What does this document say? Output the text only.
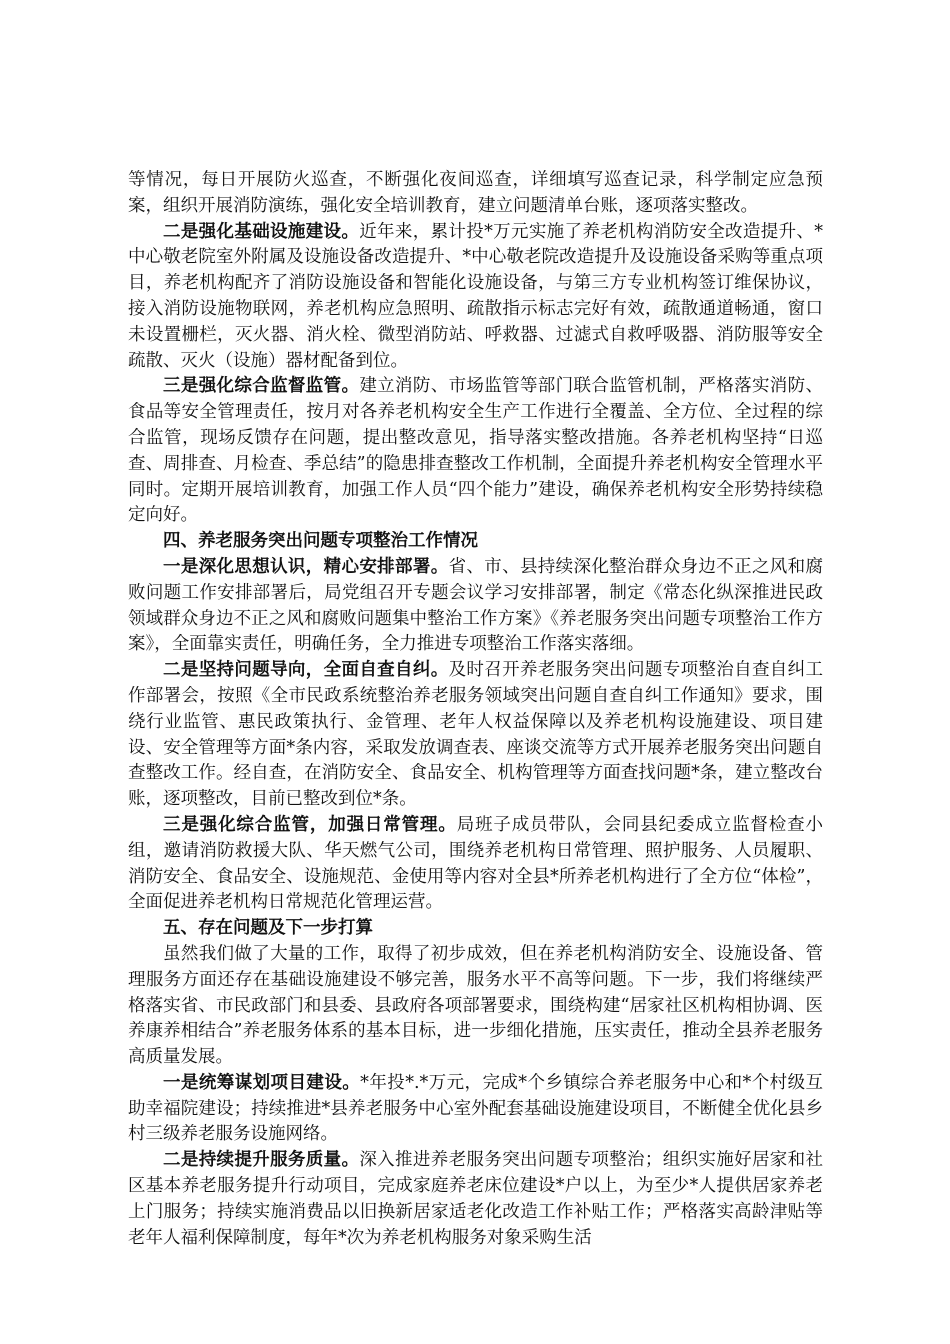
等情况，每日开展防火巡查，不断强化夜间巡查，详细填写巡查记录，科学制定应急预案，组织开展消防演练，强化安全培训教育，建立问题清单台账，逐项落实整改。

二是强化基础设施建设。近年来，累计投*万元实施了养老机构消防安全改造提升、*中心敬老院室外附属及设施设备改造提升、*中心敬老院改造提升及设施设备采购等重点项目，养老机构配齐了消防设施设备和智能化设施设备，与第三方专业机构签订维保协议，接入消防设施物联网，养老机构应急照明、疏散指示标志完好有效，疏散通道畅通，窗口未设置栅栏，灭火器、消火栓、微型消防站、呼救器、过滤式自救呼吸器、消防服等安全疏散、灭火（设施）器材配备到位。

三是强化综合监督监管。建立消防、市场监管等部门联合监管机制，严格落实消防、食品等安全管理责任，按月对各养老机构安全生产工作进行全覆盖、全方位、全过程的综合监管，现场反馈存在问题，提出整改意见，指导落实整改措施。各养老机构坚持“日巡查、周排查、月检查、季总结”的隐患排查整改工作机制，全面提升养老机构安全管理水平同时。定期开展培训教育，加强工作人员“四个能力”建设，确保养老机构安全形势持续稳定向好。

四、养老服务突出问题专项整治工作情况

一是深化思想认识，精心安排部署。省、市、县持续深化整治群众身边不正之风和腐败问题工作安排部署后，局党组召开专题会议学习安排部署，制定《常态化纵深推进民政领域群众身边不正之风和腐败问题集中整治工作方案》《养老服务突出问题专项整治工作方案》，全面靠实责任，明确任务，全力推进专项整治工作落实落细。

二是坚持问题导向，全面自查自纠。及时召开养老服务突出问题专项整治自查自纠工作部署会，按照《全市民政系统整治养老服务领域突出问题自查自纠工作通知》要求，围绕行业监管、惠民政策执行、金管理、老年人权益保障以及养老机构设施建设、项目建设、安全管理等方面*条内容，采取发放调查表、座谈交流等方式开展养老服务突出问题自查整改工作。经自查，在消防安全、食品安全、机构管理等方面查找问题*条，建立整改台账，逐项整改，目前已整改到位*条。

三是强化综合监管，加强日常管理。局班子成员带队，会同县纪委成立监督检查小组，邀请消防救援大队、华天燃气公司，围绕养老机构日常管理、照护服务、人员履职、消防安全、食品安全、设施规范、金使用等内容对全县*所养老机构进行了全方位“体检”，全面促进养老机构日常规范化管理运营。

五、存在问题及下一步打算

虽然我们做了大量的工作，取得了初步成效，但在养老机构消防安全、设施设备、管理服务方面还存在基础设施建设不够完善，服务水平不高等问题。下一步，我们将继续严格落实省、市民政部门和县委、县政府各项部署要求，围绕构建“居家社区机构相协调、医养康养相结合”养老服务体系的基本目标，进一步细化措施，压实责任，推动全县养老服务高质量发展。

一是统筹谋划项目建设。*年投*.*万元，完成*个乡镇综合养老服务中心和*个村级互助幸福院建设；持续推进*县养老服务中心室外配套基础设施建设项目，不断健全优化县乡村三级养老服务设施网络。

二是持续提升服务质量。深入推进养老服务突出问题专项整治；组织实施好居家和社区基本养老服务提升行动项目，完成家庭养老床位建设*户以上，为至少*人提供居家养老上门服务；持续实施消费品以旧换新居家适老化改造工作补贴工作；严格落实高龄津贴等老年人福利保障制度，每年*次为养老机构服务对象采购生活
